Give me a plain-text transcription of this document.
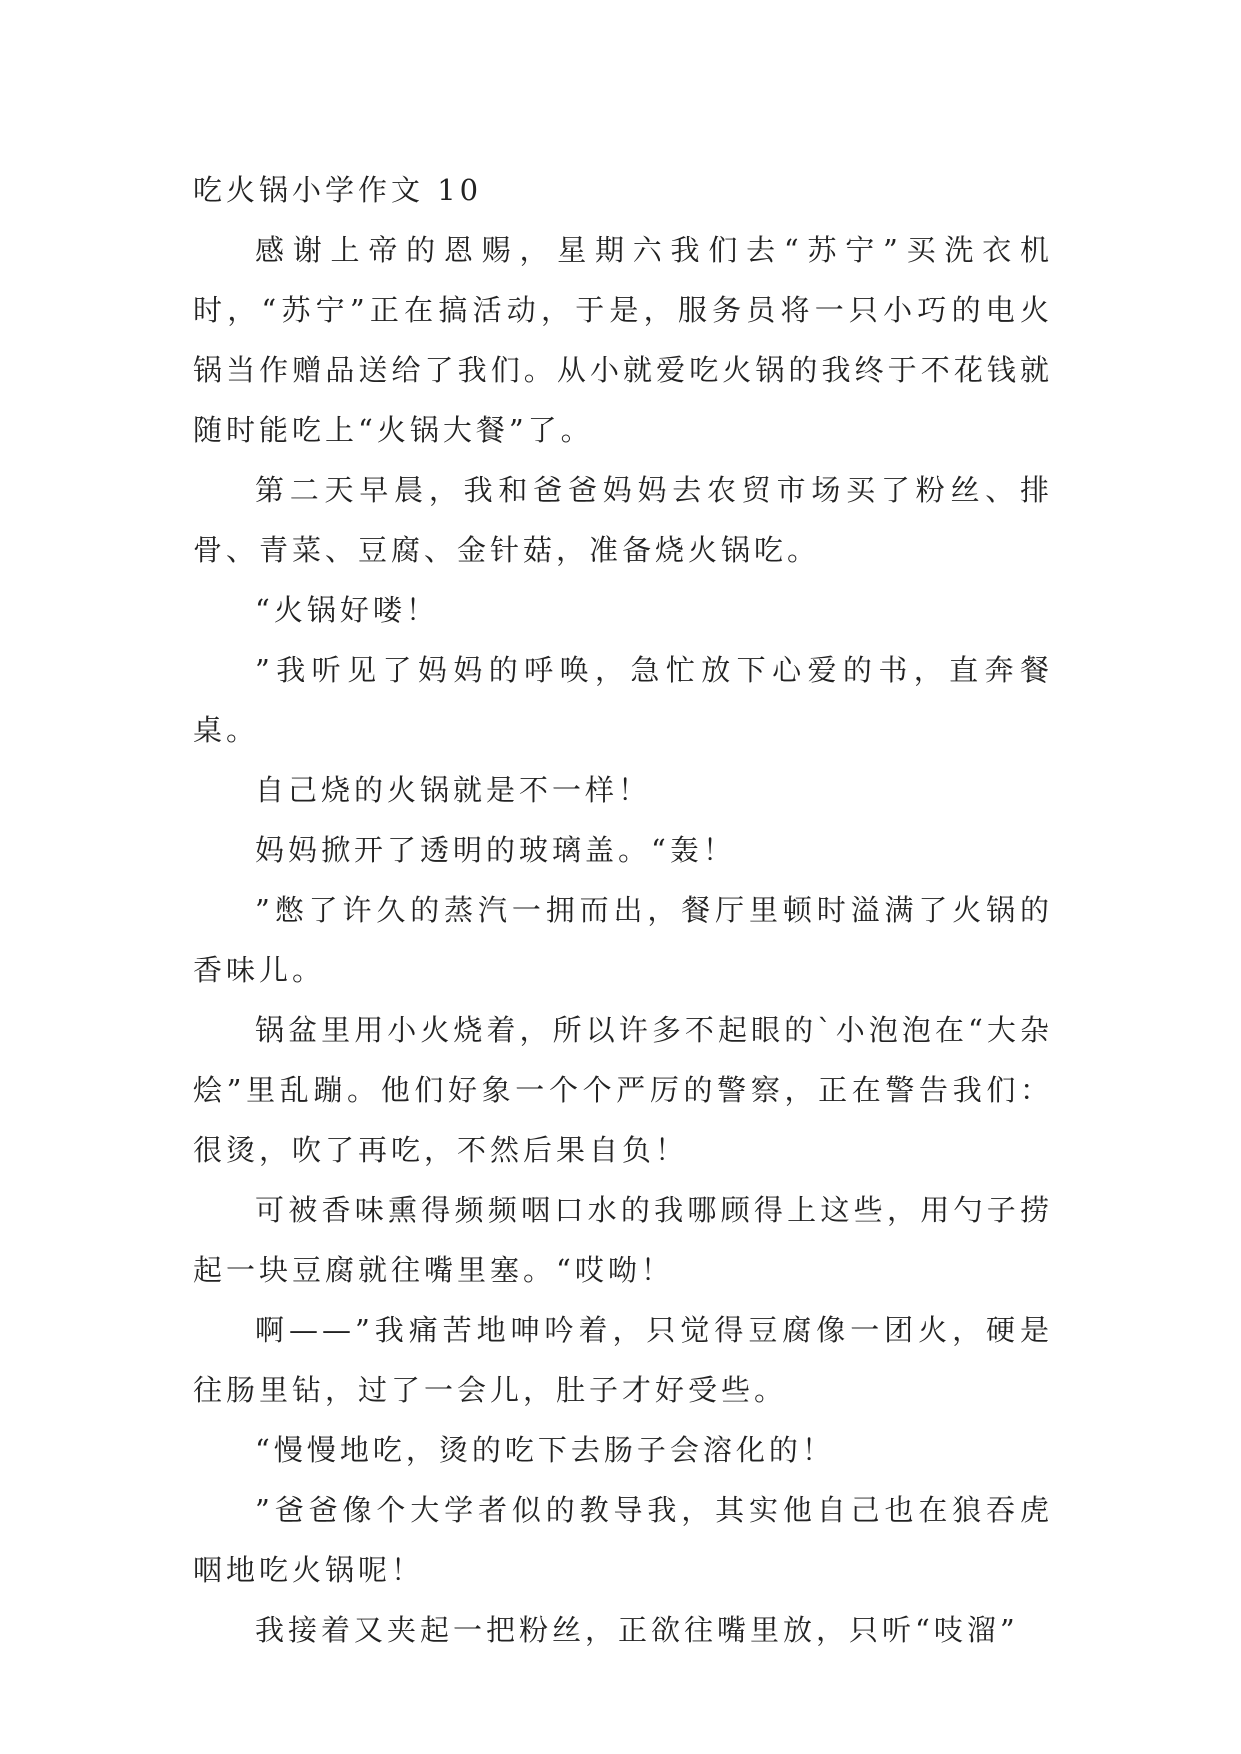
吃火锅小学作文 10

感谢上帝的恩赐，星期六我们去“苏宁”买洗衣机时，“苏宁”正在搞活动，于是，服务员将一只小巧的电火锅当作赠品送给了我们。从小就爱吃火锅的我终于不花钱就随时能吃上“火锅大餐”了。

第二天早晨，我和爸爸妈妈去农贸市场买了粉丝、排骨、青菜、豆腐、金针菇，准备烧火锅吃。

“火锅好喽！

”我听见了妈妈的呼唤，急忙放下心爱的书，直奔餐桌。

自己烧的火锅就是不一样！

妈妈掀开了透明的玻璃盖。“轰！

”憋了许久的蒸汽一拥而出，餐厅里顿时溢满了火锅的香味儿。

锅盆里用小火烧着，所以许多不起眼的`小泡泡在“大杂烩”里乱蹦。他们好象一个个严厉的警察，正在警告我们：很烫，吹了再吃，不然后果自负！

可被香味熏得频频咽口水的我哪顾得上这些，用勺子捞起一块豆腐就往嘴里塞。“哎呦！

啊——”我痛苦地呻吟着，只觉得豆腐像一团火，硬是往肠里钻，过了一会儿，肚子才好受些。

“慢慢地吃，烫的吃下去肠子会溶化的！

”爸爸像个大学者似的教导我，其实他自己也在狼吞虎咽地吃火锅呢！

我接着又夹起一把粉丝，正欲往嘴里放，只听“吱溜”
